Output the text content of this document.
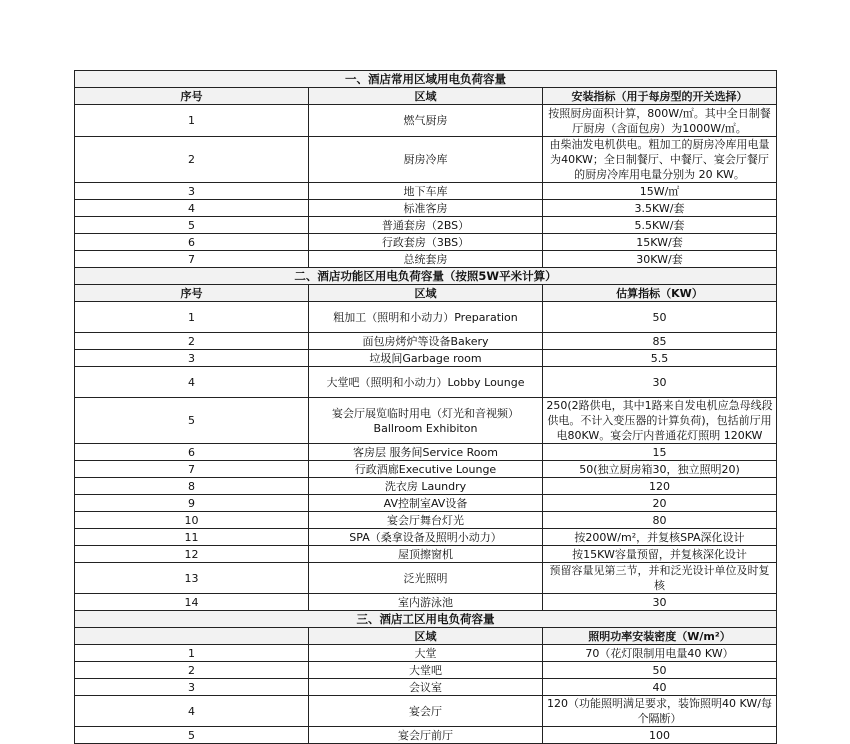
一、酒店常用区域用电负荷容量		
序号	区域	安装指标（用于每房型的开关选择）
1	燃气厨房	按照厨房面积计算，800W/㎡。其中全日制餐厅厨房（含面包房）为1000W/㎡。
2	厨房冷库	由柴油发电机供电。粗加工的厨房冷库用电量为40KW；全日制餐厅、中餐厅、宴会厅餐厅的厨房冷库用电量分别为 20 KW。
3	地下车库	15W/㎡
4	标准客房	3.5KW/套
5	普通套房（2BS）	5.5KW/套
6	行政套房（3BS）	15KW/套
7	总统套房	30KW/套
二、酒店功能区用电负荷容量（按照5W平米计算）		
序号	区域	估算指标（KW）
1	粗加工（照明和小动力）Preparation	50
2	面包房烤炉等设备Bakery	85
3	垃圾间Garbage room	5.5
4	大堂吧（照明和小动力）Lobby Lounge	30
5	宴会厅展览临时用电（灯光和音视频）Ballroom Exhibiton	250(2路供电，其中1路来自发电机应急母线段供电。不计入变压器的计算负荷)，包括前厅用电80KW。宴会厅内普通花灯照明 120KW
6	客房层 服务间Service Room	15
7	行政酒廊Executive Lounge	50(独立厨房箱30，独立照明20)
8	洗衣房 Laundry	120
9	AV控制室AV设备	20
10	宴会厅舞台灯光	80
11	SPA（桑拿设备及照明小动力）	按200W/m²，并复核SPA深化设计
12	屋顶擦窗机	按15KW容量预留，并复核深化设计
13	泛光照明	预留容量见第三节，并和泛光设计单位及时复核
14	室内游泳池	30
三、酒店工区用电负荷容量		
	区域	照明功率安装密度（W/m²）
1	大堂	70（花灯限制用电量40 KW）
2	大堂吧	50
3	会议室	40
4	宴会厅	120（功能照明满足要求，装饰照明40 KW/每个隔断）
5	宴会厅前厅	100
